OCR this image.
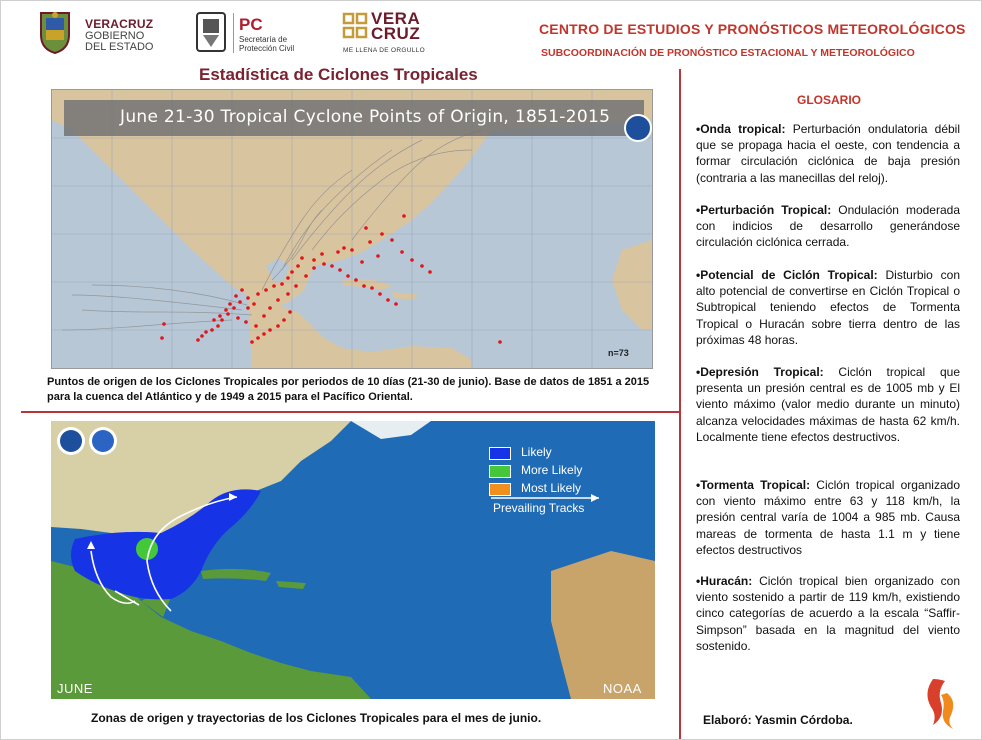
VERACRUZ
GOBIERNO
DEL ESTADO
PC
Secretaría de
Protección Civil
VERA
CRUZ
ME LLENA DE ORGULLO
CENTRO DE ESTUDIOS Y PRONÓSTICOS METEOROLÓGICOS
SUBCOORDINACIÓN DE PRONÓSTICO ESTACIONAL Y METEOROLÓGICO
Estadística de Ciclones Tropicales
June 21-30 Tropical Cyclone Points of Origin, 1851-2015
n=73
Puntos de origen de los Ciclones Tropicales por periodos de 10 días (21-30 de junio). Base de datos de 1851 a 2015 para la cuenca del Atlántico y de 1949 a 2015 para el Pacífico Oriental.
Likely
More Likely
Most Likely
Prevailing Tracks
JUNE	NOAA
Zonas de origen y trayectorias de los Ciclones Tropicales para el mes de junio.
GLOSARIO
•Onda tropical: Perturbación ondulatoria débil que se propaga hacia el oeste, con tendencia a formar circulación ciclónica de baja presión (contraria a las manecillas del reloj).
•Perturbación Tropical: Ondulación moderada con indicios de desarrollo generándose circulación ciclónica cerrada.
•Potencial de Ciclón Tropical: Disturbio con alto potencial de convertirse en Ciclón Tropical o Subtropical teniendo efectos de Tormenta Tropical o Huracán sobre tierra dentro de las próximas 48 horas.
•Depresión Tropical: Ciclón tropical que presenta un presión central es de 1005 mb y El viento máximo (valor medio durante un minuto) alcanza velocidades máximas de hasta 62 km/h. Localmente tiene efectos destructivos.
•Tormenta Tropical: Ciclón tropical organizado con viento máximo entre 63 y 118 km/h, la presión central varía de 1004 a 985 mb. Causa mareas de tormenta de hasta 1.1 m y tiene efectos destructivos
•Huracán: Ciclón tropical bien organizado con viento sostenido a partir de 119 km/h, existiendo cinco categorías de acuerdo a la escala “Saffir-Simpson” basada en la magnitud del viento sostenido.
Elaboró: Yasmin Córdoba.
